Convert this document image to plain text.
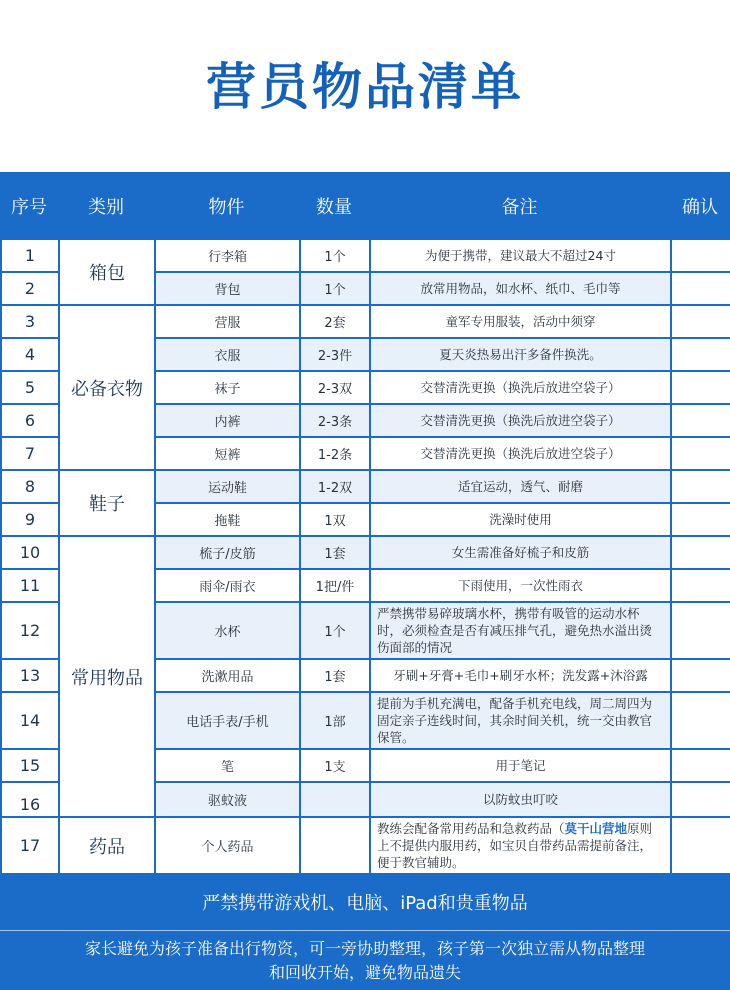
营员物品清单
序号	类别	物件	数量	备注	确认
1	箱包	行李箱	1个	为便于携带，建议最大不超过24寸	
2		背包	1个	放常用物品，如水杯、纸巾、毛巾等	
3	必备衣物	营服	2套	童军专用服装，活动中须穿	
4		衣服	2-3件	夏天炎热易出汗多备件换洗。	
5		袜子	2-3双	交替清洗更换（换洗后放进空袋子）	
6		内裤	2-3条	交替清洗更换（换洗后放进空袋子）	
7		短裤	1-2条	交替清洗更换（换洗后放进空袋子）	
8	鞋子	运动鞋	1-2双	适宜运动，透气、耐磨	
9		拖鞋	1双	洗澡时使用	
10	常用物品	梳子/皮筋	1套	女生需准备好梳子和皮筋	
11		雨伞/雨衣	1把/件	下雨使用，一次性雨衣	
12		水杯	1个	严禁携带易碎玻璃水杯，携带有吸管的运动水杯时，必须检查是否有减压排气孔，避免热水溢出烫伤面部的情况	
13		洗漱用品	1套	牙刷+牙膏+毛巾+刷牙水杯；洗发露+沐浴露	
14		电话手表/手机	1部	提前为手机充满电，配备手机充电线，周二周四为固定亲子连线时间，其余时间关机，统一交由教官保管。	
15		笔	1支	用于笔记	
16		驱蚊液		以防蚊虫叮咬	
17	药品	个人药品		教练会配备常用药品和急救药品（莫干山营地原则上不提供内服用药，如宝贝自带药品需提前备注，便于教官辅助。	
严禁携带游戏机、电脑、iPad和贵重物品
家长避免为孩子准备出行物资，可一旁协助整理，孩子第一次独立需从物品整理
和回收开始，避免物品遗失
